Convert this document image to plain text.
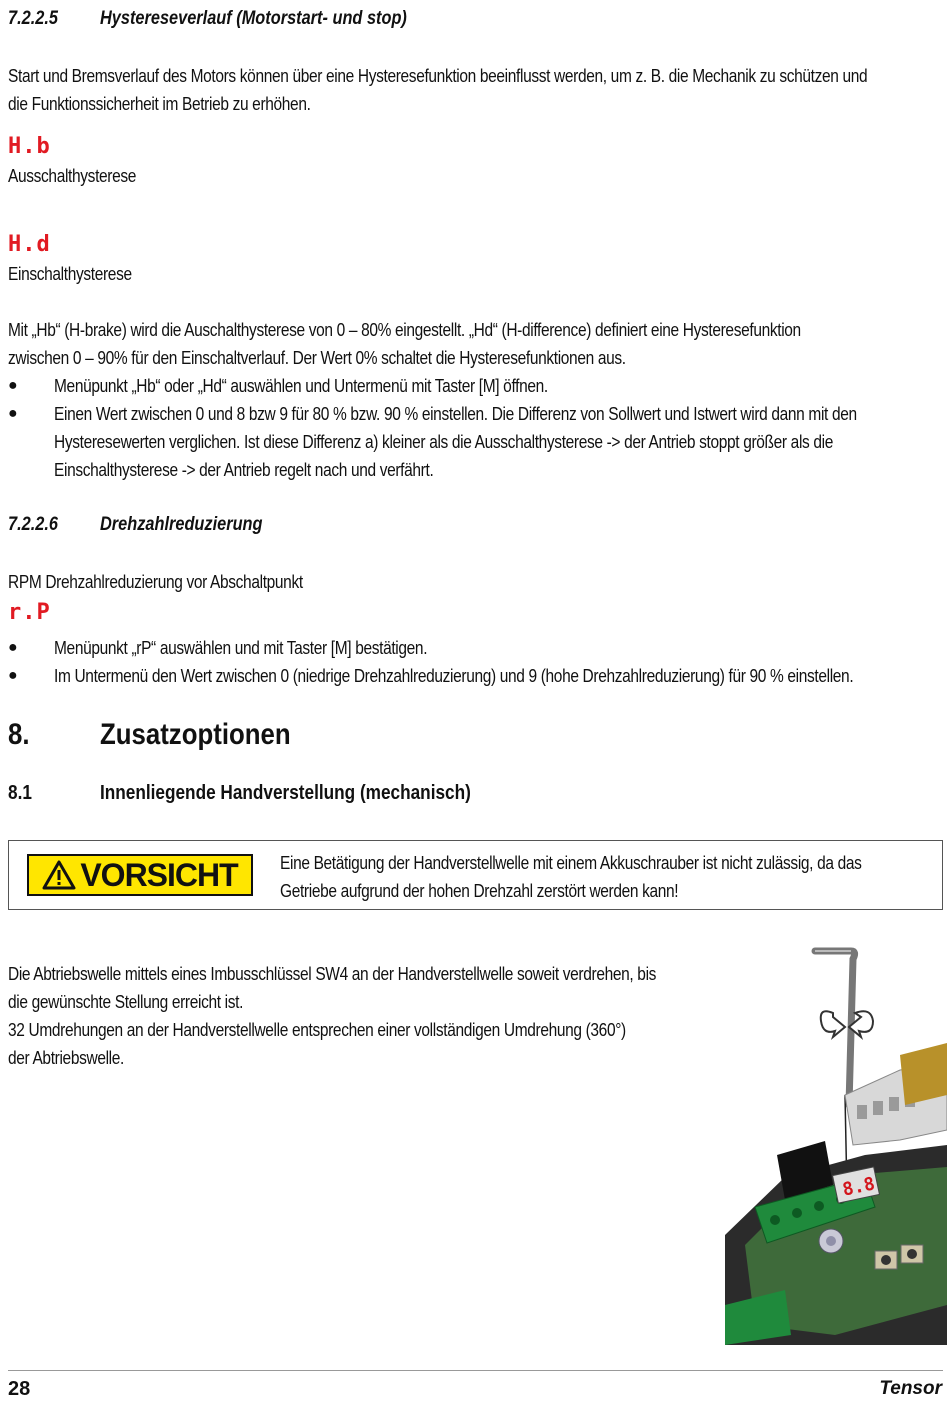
7.2.2.5 Hystereseverlauf (Motorstart- und stop)
Start und Bremsverlauf des Motors können über eine Hysteresefunktion beeinflusst werden, um z. B. die Mechanik zu schützen und
die Funktionssicherheit im Betrieb zu erhöhen.
H.b
Ausschalthysterese
H.d
Einschalthysterese
Mit „Hb“ (H-brake) wird die Auschalthysterese von 0 – 80% eingestellt. „Hd“ (H-difference) definiert eine Hysteresefunktion
zwischen 0 – 90% für den Einschaltverlauf. Der Wert 0% schaltet die Hysteresefunktionen aus.
●	Menüpunkt „Hb“ oder „Hd“ auswählen und Untermenü mit Taster [M] öffnen.
●	Einen Wert zwischen 0 und 8 bzw 9 für 80 % bzw. 90 % einstellen. Die Differenz von Sollwert und Istwert wird dann mit den
Hysteresewerten verglichen. Ist diese Differenz a) kleiner als die Ausschalthysterese -> der Antrieb stoppt größer als die
Einschalthysterese -> der Antrieb regelt nach und verfährt.
7.2.2.6 Drehzahlreduzierung
RPM Drehzahlreduzierung vor Abschaltpunkt
r.P
●	Menüpunkt „rP“ auswählen und mit Taster [M] bestätigen.
●	Im Untermenü den Wert zwischen 0 (niedrige Drehzahlreduzierung) und 9 (hohe Drehzahlreduzierung) für 90 % einstellen.
8. Zusatzoptionen
8.1	Innenliegende Handverstellung (mechanisch)
VORSICHT Eine Betätigung der Handverstellwelle mit einem Akkuschrauber ist nicht zulässig, da das
Getriebe aufgrund der hohen Drehzahl zerstört werden kann!
Die Abtriebswelle mittels eines Imbusschlüssel SW4 an der Handverstellwelle soweit verdrehen, bis
die gewünschte Stellung erreicht ist.
32 Umdrehungen an der Handverstellwelle entsprechen einer vollständigen Umdrehung (360°)
der Abtriebswelle.
8.8
28	Tensor
